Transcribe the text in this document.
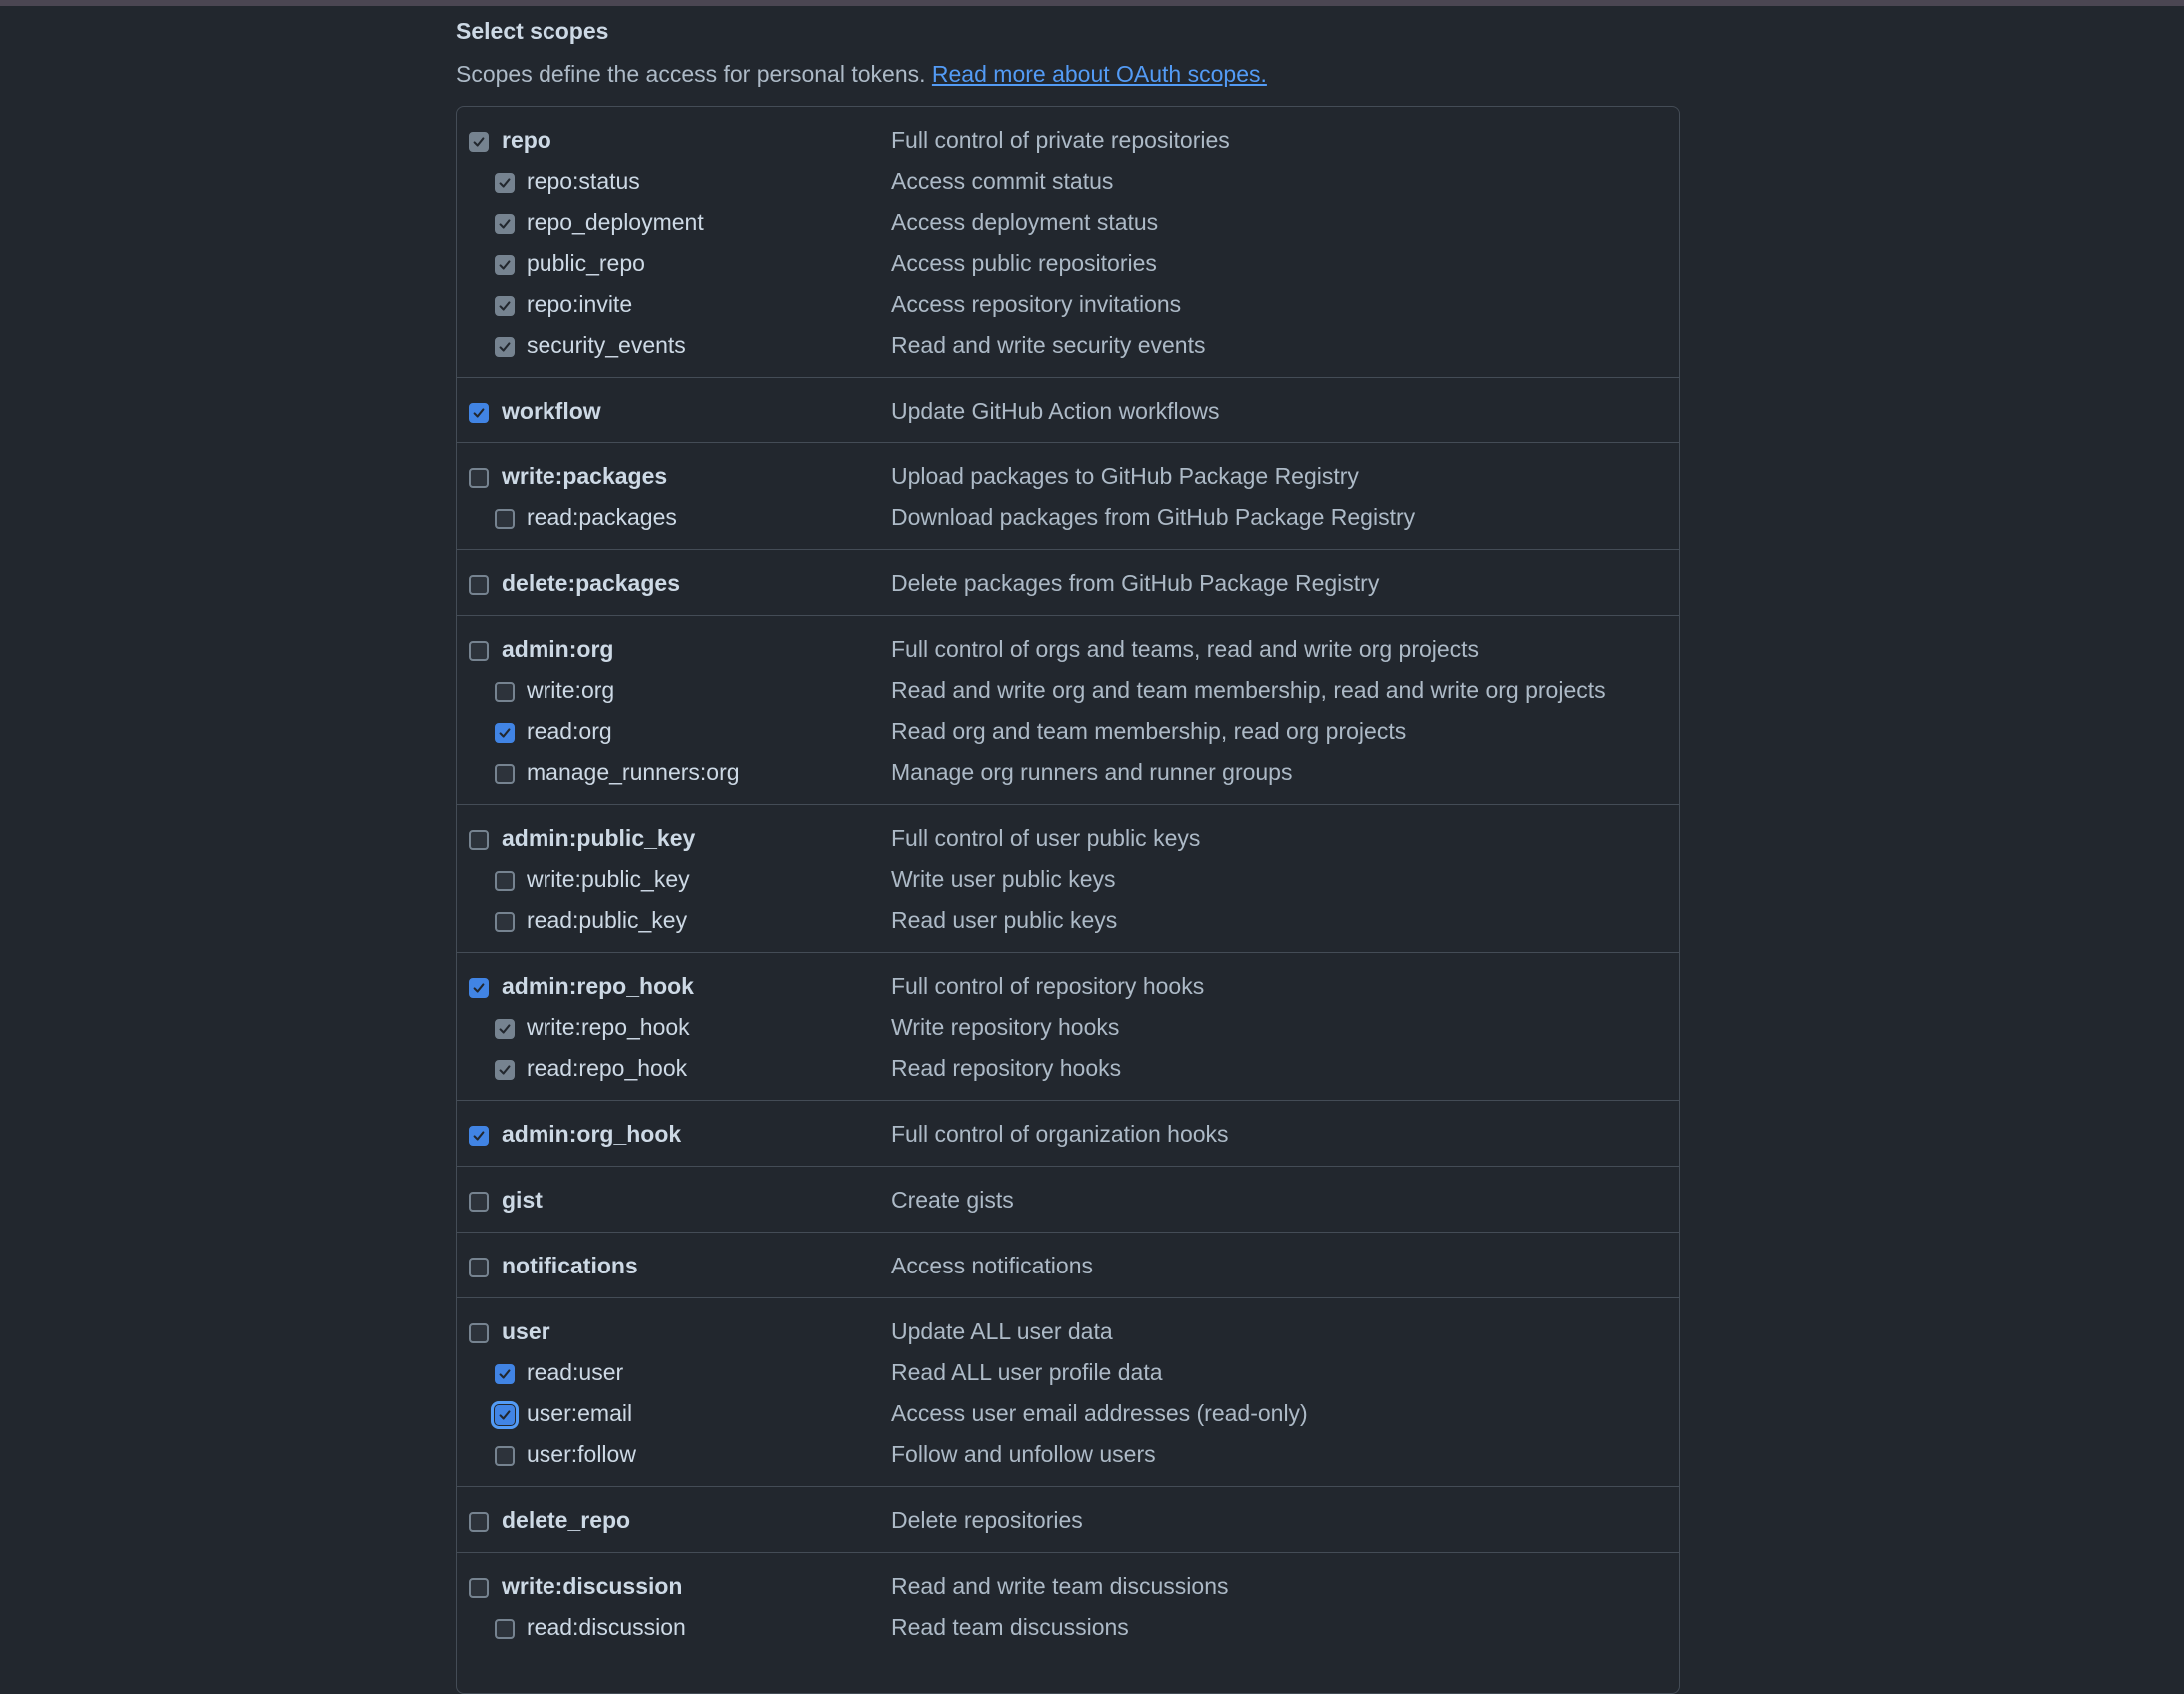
Select scopes
Scopes define the access for personal tokens. Read more about OAuth scopes.
repo	Full control of private repositories
repo:status	Access commit status
repo_deployment	Access deployment status
public_repo	Access public repositories
repo:invite	Access repository invitations
security_events	Read and write security events
workflow	Update GitHub Action workflows
write:packages	Upload packages to GitHub Package Registry
read:packages	Download packages from GitHub Package Registry
delete:packages	Delete packages from GitHub Package Registry
admin:org	Full control of orgs and teams, read and write org projects
write:org	Read and write org and team membership, read and write org projects
read:org	Read org and team membership, read org projects
manage_runners:org	Manage org runners and runner groups
admin:public_key	Full control of user public keys
write:public_key	Write user public keys
read:public_key	Read user public keys
admin:repo_hook	Full control of repository hooks
write:repo_hook	Write repository hooks
read:repo_hook	Read repository hooks
admin:org_hook	Full control of organization hooks
gist	Create gists
notifications	Access notifications
user	Update ALL user data
read:user	Read ALL user profile data
user:email	Access user email addresses (read-only)
user:follow	Follow and unfollow users
delete_repo	Delete repositories
write:discussion	Read and write team discussions
read:discussion	Read team discussions
